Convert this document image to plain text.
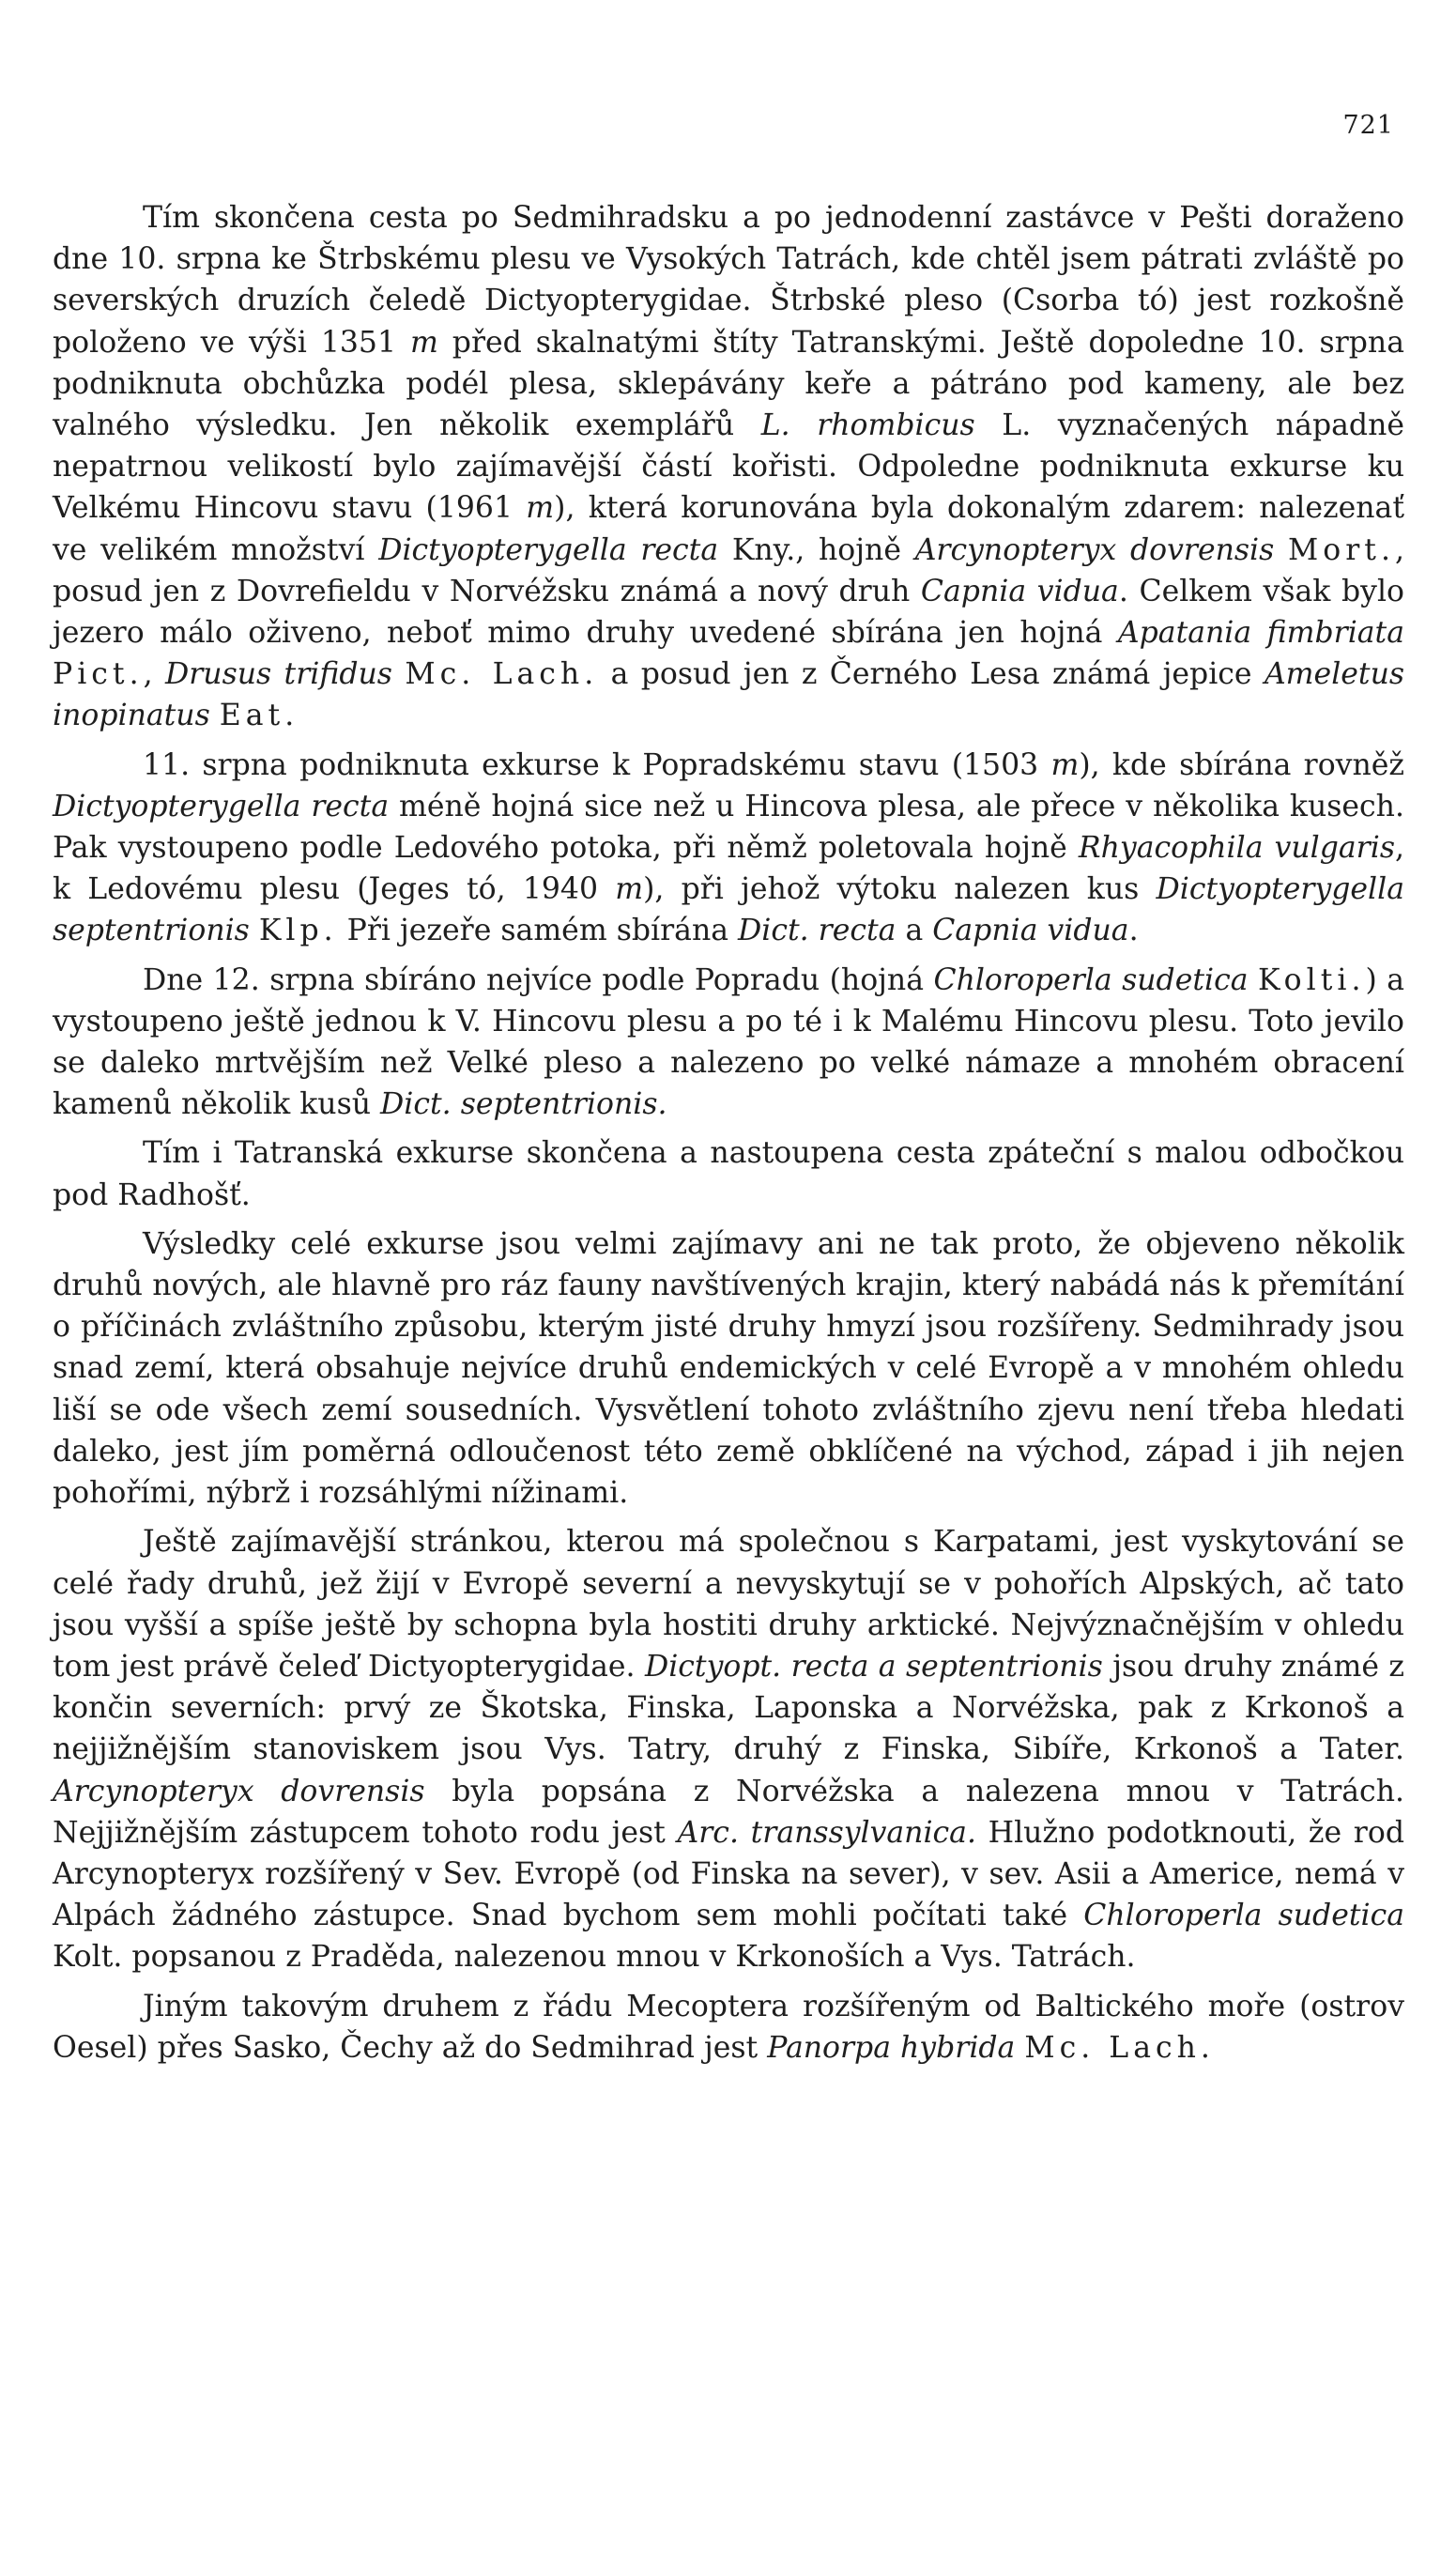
721

Tím skončena cesta po Sedmihradsku a po jednodenní zastávce v Pešti doraženo dne 10. srpna ke Štrbskému plesu ve Vysokých Tatrách, kde chtěl jsem pátrati zvláště po severských druzích čeledě Dictyopterygidae. Štrbské pleso (Csorba tó) jest rozkošně položeno ve výši 1351 m před skalnatými štíty Tatranskými. Ještě dopoledne 10. srpna podniknuta obchůzka podél plesa, sklepávány keře a pátráno pod kameny, ale bez valného výsledku. Jen několik exemplářů L. rhombicus L. vyznačených nápadně nepatrnou velikostí bylo zajímavější částí kořisti. Odpoledne podniknuta exkurse ku Velkému Hincovu stavu (1961 m), která korunována byla dokonalým zdarem: nalezenať ve velikém množství Dictyopterygella recta Kny., hojně Arcynopteryx dovrensis Mort., posud jen z Dovrefieldu v Norvéžsku známá a nový druh Capnia vidua. Celkem však bylo jezero málo oživeno, neboť mimo druhy uvedené sbírána jen hojná Apatania fimbriata Pict., Drusus trifidus Mc. Lach. a posud jen z Černého Lesa známá jepice Ameletus inopinatus Eat.

11. srpna podniknuta exkurse k Popradskému stavu (1503 m), kde sbírána rovněž Dictyopterygella recta méně hojná sice než u Hincova plesa, ale přece v několika kusech. Pak vystoupeno podle Ledového potoka, při němž poletovala hojně Rhyacophila vulgaris, k Ledovému plesu (Jeges tó, 1940 m), při jehož výtoku nalezen kus Dictyopterygella septentrionis Klp. Při jezeře samém sbírána Dict. recta a Capnia vidua.

Dne 12. srpna sbíráno nejvíce podle Popradu (hojná Chloroperla sudetica Kolti.) a vystoupeno ještě jednou k V. Hincovu plesu a po té i k Malému Hincovu plesu. Toto jevilo se daleko mrtvějším než Velké pleso a nalezeno po velké námaze a mnohém obracení kamenů několik kusů Dict. septentrionis.

Tím i Tatranská exkurse skončena a nastoupena cesta zpáteční s malou odbočkou pod Radhošť.

Výsledky celé exkurse jsou velmi zajímavy ani ne tak proto, že objeveno několik druhů nových, ale hlavně pro ráz fauny navštívených krajin, který nabádá nás k přemítání o příčinách zvláštního způsobu, kterým jisté druhy hmyzí jsou rozšířeny. Sedmihrady jsou snad zemí, která obsahuje nejvíce druhů endemických v celé Evropě a v mnohém ohledu liší se ode všech zemí sousedních. Vysvětlení tohoto zvláštního zjevu není třeba hledati daleko, jest jím poměrná odloučenost této země obklíčené na východ, západ i jih nejen pohořími, nýbrž i rozsáhlými nížinami.

Ještě zajímavější stránkou, kterou má společnou s Karpatami, jest vyskytování se celé řady druhů, jež žijí v Evropě severní a nevyskytují se v pohořích Alpských, ač tato jsou vyšší a spíše ještě by schopna byla hostiti druhy arktické. Nejvýznačnějším v ohledu tom jest právě čeleď Dictyopterygidae. Dictyopt. recta a septentrionis jsou druhy známé z končin severních: prvý ze Škotska, Finska, Laponska a Norvéžska, pak z Krkonoš a nejjižnějším stanoviskem jsou Vys. Tatry, druhý z Finska, Sibíře, Krkonoš a Tater. Arcynopteryx dovrensis byla popsána z Norvéžska a nalezena mnou v Tatrách. Nejjižnějším zástupcem tohoto rodu jest Arc. transsylvanica. Hlužno podotknouti, že rod Arcynopteryx rozšířený v Sev. Evropě (od Finska na sever), v sev. Asii a Americe, nemá v Alpách žádného zástupce. Snad bychom sem mohli počítati také Chloroperla sudetica Kolt. popsanou z Praděda, nalezenou mnou v Krkonoších a Vys. Tatrách.

Jiným takovým druhem z řádu Mecoptera rozšířeným od Baltického moře (ostrov Oesel) přes Sasko, Čechy až do Sedmihrad jest Panorpa hybrida Mc. Lach.
